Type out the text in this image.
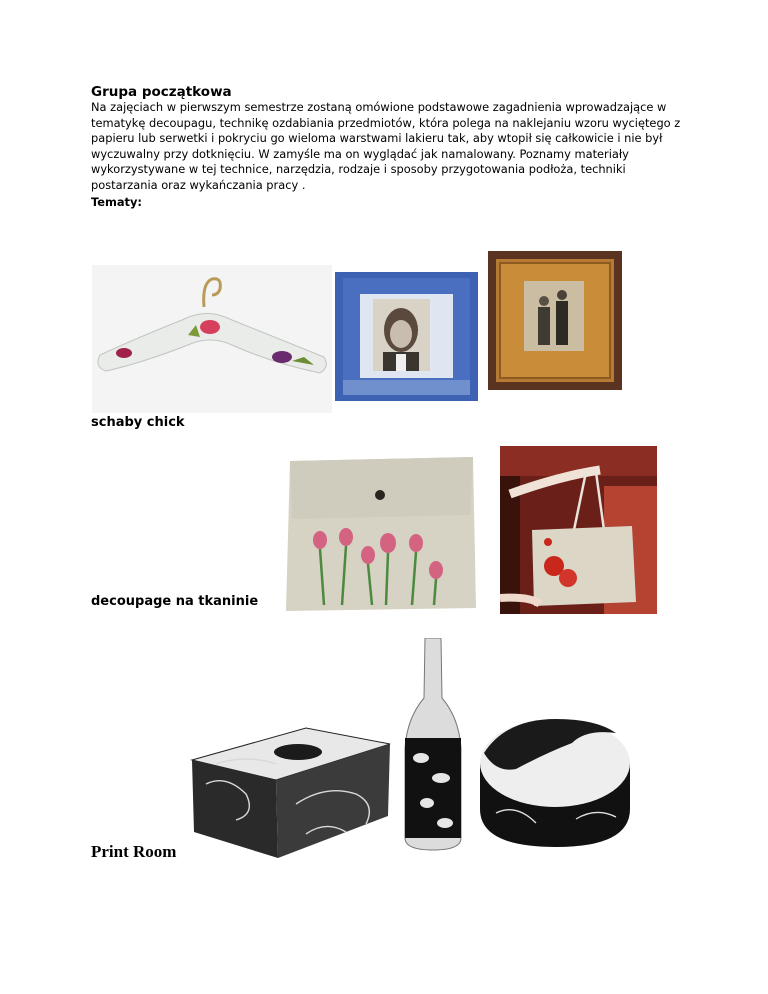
Grupa początkowa

Na zajęciach w pierwszym semestrze zostaną omówione podstawowe zagadnienia wprowadzające w tematykę decoupagu, technikę ozdabiania przedmiotów, która polega na naklejaniu wzoru wyciętego z papieru lub serwetki i pokryciu go wieloma warstwami lakieru tak, aby wtopił się całkowicie i nie był wyczuwalny przy dotknięciu. W zamyśle ma on wyglądać jak namalowany. Poznamy materiały wykorzystywane w tej technice, narzędzia, rodzaje i sposoby przygotowania podłoża, techniki postarzania oraz wykańczania pracy .

Tematy:

schaby chick

decoupage na tkaninie

Print Room
